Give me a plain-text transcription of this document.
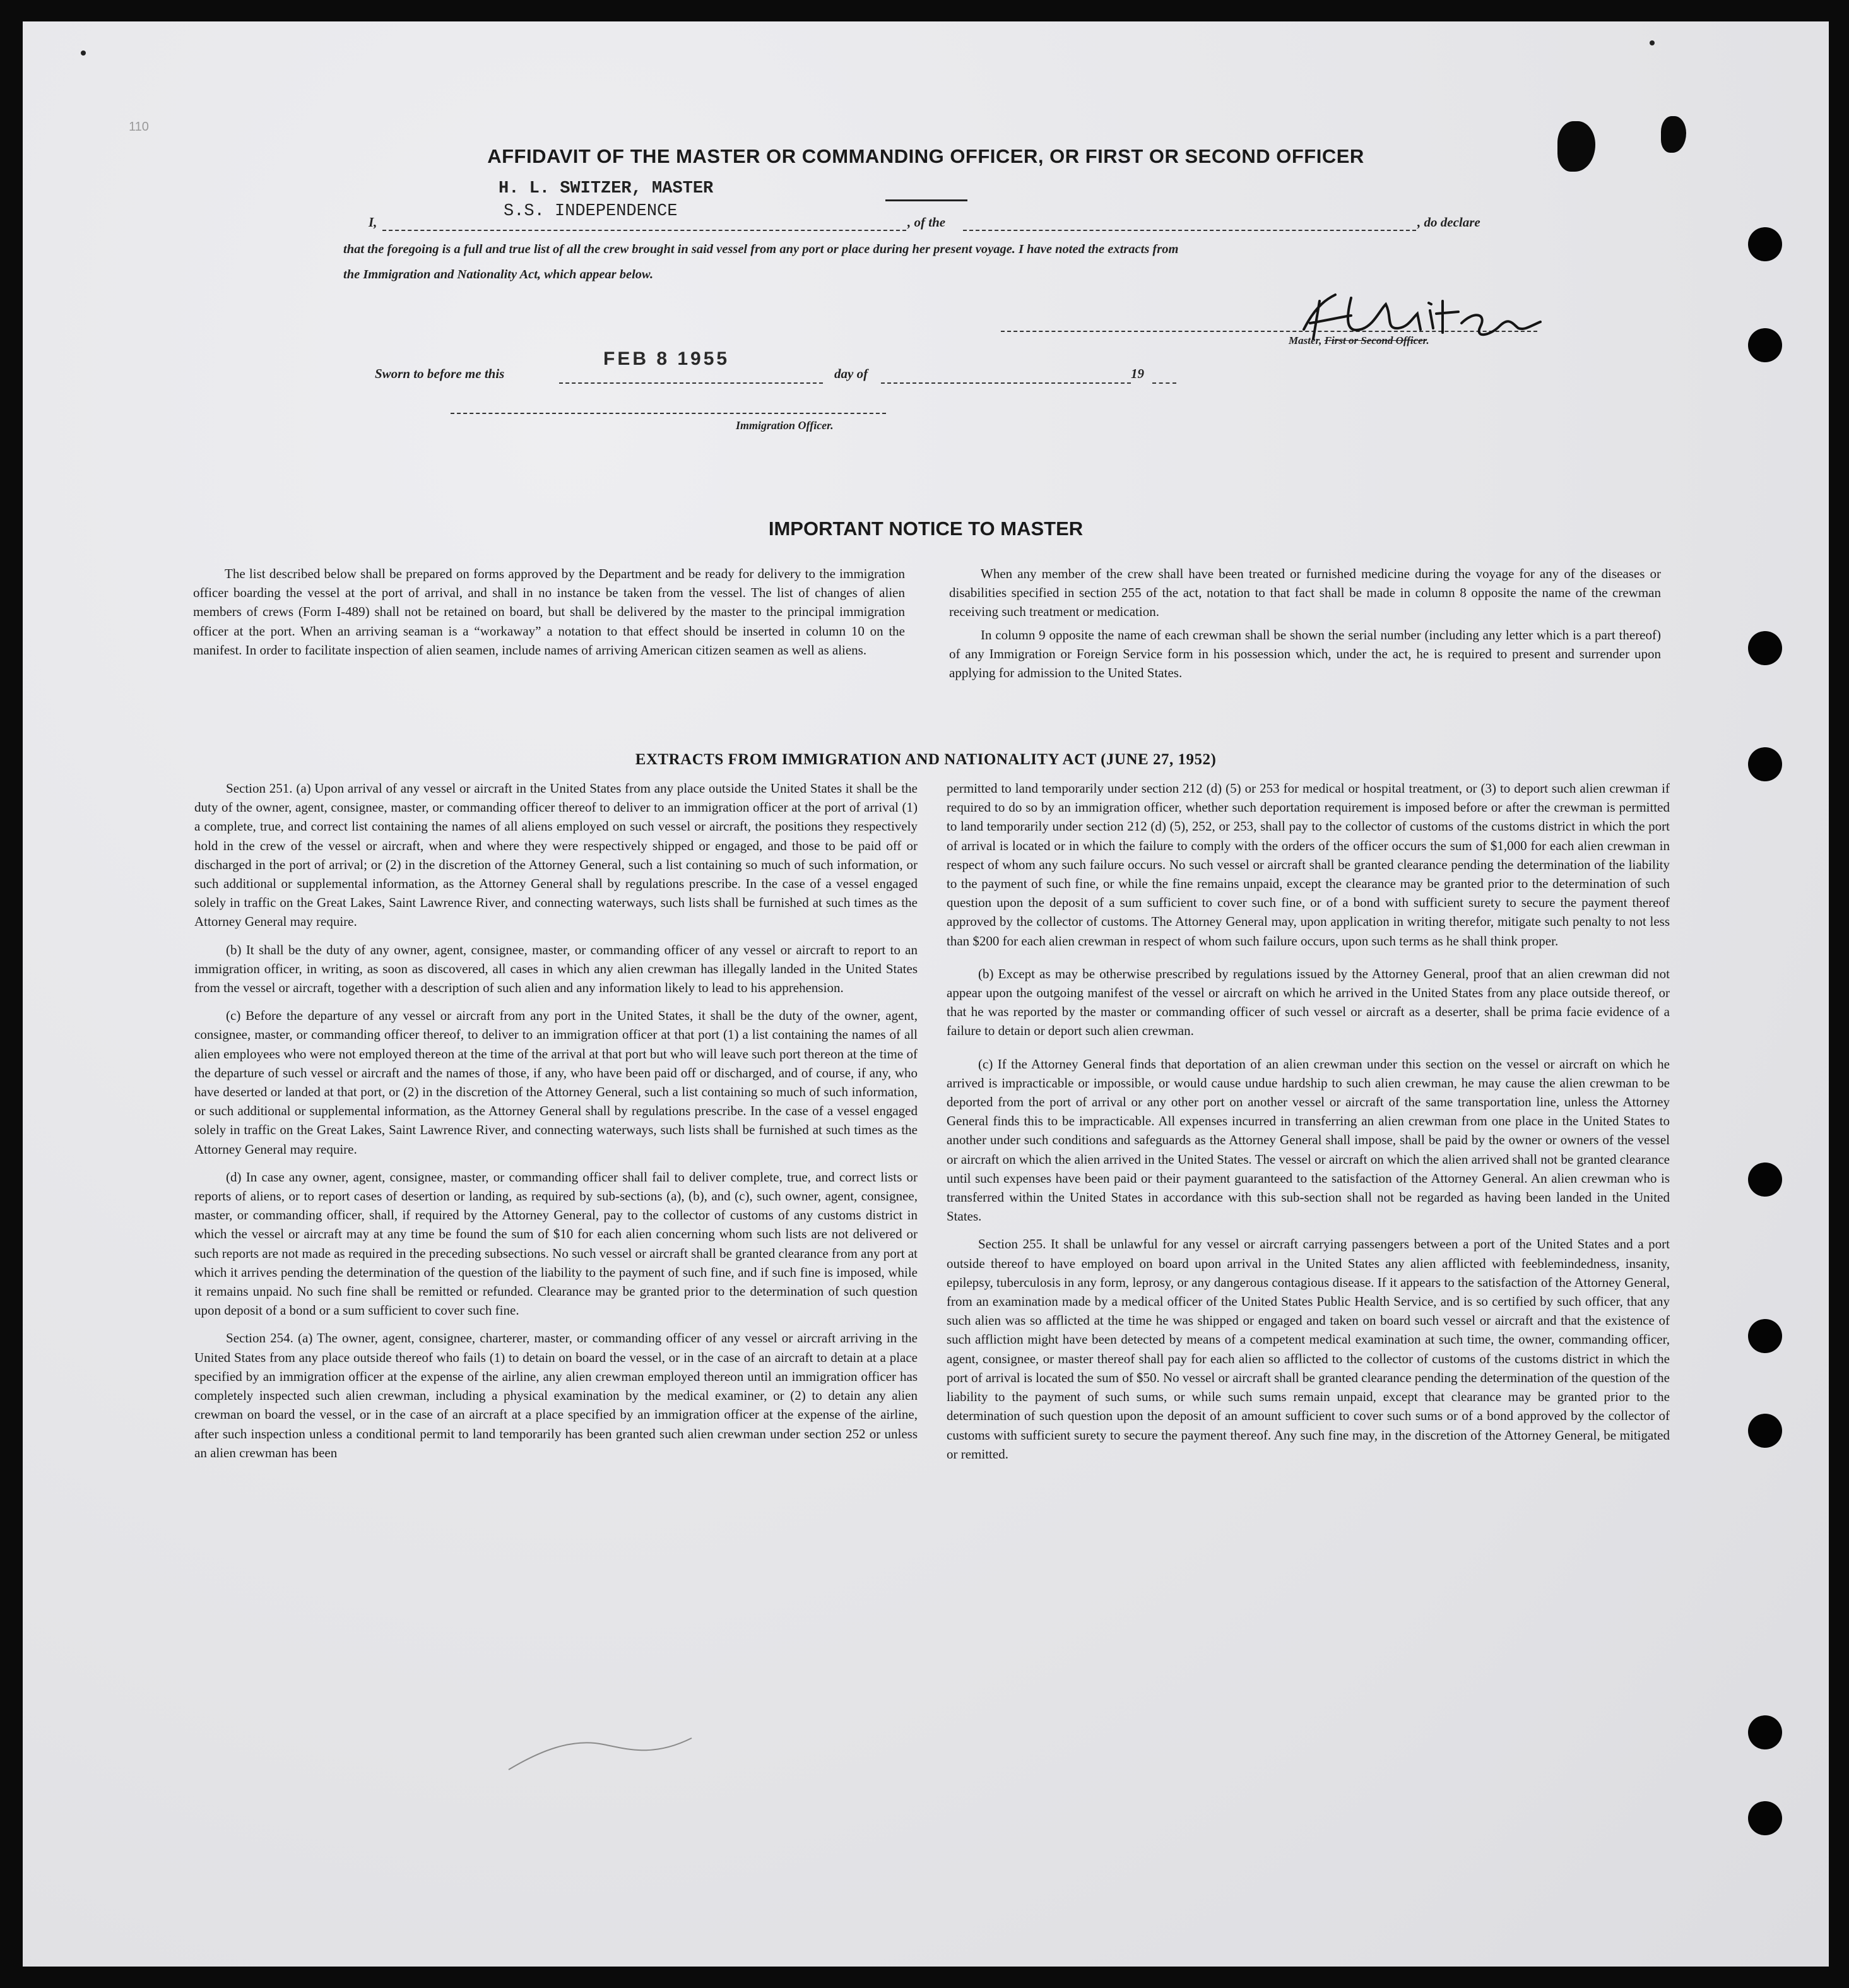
110
AFFIDAVIT OF THE MASTER OR COMMANDING OFFICER, OR FIRST OR SECOND OFFICER
H. L. SWITZER, MASTER
S.S. INDEPENDENCE
I,	, of the	, do declare
that the foregoing is a full and true list of all the crew brought in said vessel from any port or place during her present voyage. I have noted the extracts from
the Immigration and Nationality Act, which appear below.
Master, First or Second Officer.
Sworn to before me this
FEB 8 1955
day of	19
Immigration Officer.
IMPORTANT NOTICE TO MASTER

The list described below shall be prepared on forms approved by the Department and be ready for delivery to the immigration officer boarding the vessel at the port of arrival, and shall in no instance be taken from the vessel. The list of changes of alien members of crews (Form I-489) shall not be retained on board, but shall be delivered by the master to the principal immigration officer at the port. When an arriving seaman is a “workaway” a notation to that effect should be inserted in column 10 on the manifest. In order to facilitate inspection of alien seamen, include names of arriving American citizen seamen as well as aliens.

When any member of the crew shall have been treated or furnished medicine during the voyage for any of the diseases or disabilities specified in section 255 of the act, notation to that fact shall be made in column 8 opposite the name of the crewman receiving such treatment or medication.

In column 9 opposite the name of each crewman shall be shown the serial number (including any letter which is a part thereof) of any Immigration or Foreign Service form in his possession which, under the act, he is required to present and surrender upon applying for admission to the United States.

EXTRACTS FROM IMMIGRATION AND NATIONALITY ACT (JUNE 27, 1952)

Section 251. (a) Upon arrival of any vessel or aircraft in the United States from any place outside the United States it shall be the duty of the owner, agent, consignee, master, or commanding officer thereof to deliver to an immigration officer at the port of arrival (1) a complete, true, and correct list containing the names of all aliens employed on such vessel or aircraft, the positions they respectively hold in the crew of the vessel or aircraft, when and where they were respectively shipped or engaged, and those to be paid off or discharged in the port of arrival; or (2) in the discretion of the Attorney General, such a list containing so much of such information, or such additional or supplemental information, as the Attorney General shall by regulations prescribe. In the case of a vessel engaged solely in traffic on the Great Lakes, Saint Lawrence River, and connecting waterways, such lists shall be furnished at such times as the Attorney General may require.

(b) It shall be the duty of any owner, agent, consignee, master, or commanding officer of any vessel or aircraft to report to an immigration officer, in writing, as soon as discovered, all cases in which any alien crewman has illegally landed in the United States from the vessel or aircraft, together with a description of such alien and any information likely to lead to his apprehension.

(c) Before the departure of any vessel or aircraft from any port in the United States, it shall be the duty of the owner, agent, consignee, master, or commanding officer thereof, to deliver to an immigration officer at that port (1) a list containing the names of all alien employees who were not employed thereon at the time of the arrival at that port but who will leave such port thereon at the time of the departure of such vessel or aircraft and the names of those, if any, who have been paid off or discharged, and of course, if any, who have deserted or landed at that port, or (2) in the discretion of the Attorney General, such a list containing so much of such information, or such additional or supplemental information, as the Attorney General shall by regulations prescribe. In the case of a vessel engaged solely in traffic on the Great Lakes, Saint Lawrence River, and connecting waterways, such lists shall be furnished at such times as the Attorney General may require.

(d) In case any owner, agent, consignee, master, or commanding officer shall fail to deliver complete, true, and correct lists or reports of aliens, or to report cases of desertion or landing, as required by sub-sections (a), (b), and (c), such owner, agent, consignee, master, or commanding officer, shall, if required by the Attorney General, pay to the collector of customs of any customs district in which the vessel or aircraft may at any time be found the sum of $10 for each alien concerning whom such lists are not delivered or such reports are not made as required in the preceding subsections. No such vessel or aircraft shall be granted clearance from any port at which it arrives pending the determination of the question of the liability to the payment of such fine, and if such fine is imposed, while it remains unpaid. No such fine shall be remitted or refunded. Clearance may be granted prior to the determination of such question upon deposit of a bond or a sum sufficient to cover such fine.

Section 254. (a) The owner, agent, consignee, charterer, master, or commanding officer of any vessel or aircraft arriving in the United States from any place outside thereof who fails (1) to detain on board the vessel, or in the case of an aircraft to detain at a place specified by an immigration officer at the expense of the airline, any alien crewman employed thereon until an immigration officer has completely inspected such alien crewman, including a physical examination by the medical examiner, or (2) to detain any alien crewman on board the vessel, or in the case of an aircraft at a place specified by an immigration officer at the expense of the airline, after such inspection unless a conditional permit to land temporarily has been granted such alien crewman under section 252 or unless an alien crewman has been

permitted to land temporarily under section 212 (d) (5) or 253 for medical or hospital treatment, or (3) to deport such alien crewman if required to do so by an immigration officer, whether such deportation requirement is imposed before or after the crewman is permitted to land temporarily under section 212 (d) (5), 252, or 253, shall pay to the collector of customs of the customs district in which the port of arrival is located or in which the failure to comply with the orders of the officer occurs the sum of $1,000 for each alien crewman in respect of whom any such failure occurs. No such vessel or aircraft shall be granted clearance pending the determination of the liability to the payment of such fine, or while the fine remains unpaid, except the clearance may be granted prior to the determination of such question upon the deposit of a sum sufficient to cover such fine, or of a bond with sufficient surety to secure the payment thereof approved by the collector of customs. The Attorney General may, upon application in writing therefor, mitigate such penalty to not less than $200 for each alien crewman in respect of whom such failure occurs, upon such terms as he shall think proper.

(b) Except as may be otherwise prescribed by regulations issued by the Attorney General, proof that an alien crewman did not appear upon the outgoing manifest of the vessel or aircraft on which he arrived in the United States from any place outside thereof, or that he was reported by the master or commanding officer of such vessel or aircraft as a deserter, shall be prima facie evidence of a failure to detain or deport such alien crewman.

(c) If the Attorney General finds that deportation of an alien crewman under this section on the vessel or aircraft on which he arrived is impracticable or impossible, or would cause undue hardship to such alien crewman, he may cause the alien crewman to be deported from the port of arrival or any other port on another vessel or aircraft of the same transportation line, unless the Attorney General finds this to be impracticable. All expenses incurred in transferring an alien crewman from one place in the United States to another under such conditions and safeguards as the Attorney General shall impose, shall be paid by the owner or owners of the vessel or aircraft on which the alien arrived in the United States. The vessel or aircraft on which the alien arrived shall not be granted clearance until such expenses have been paid or their payment guaranteed to the satisfaction of the Attorney General. An alien crewman who is transferred within the United States in accordance with this sub-section shall not be regarded as having been landed in the United States.

Section 255. It shall be unlawful for any vessel or aircraft carrying passengers between a port of the United States and a port outside thereof to have employed on board upon arrival in the United States any alien afflicted with feeblemindedness, insanity, epilepsy, tuberculosis in any form, leprosy, or any dangerous contagious disease. If it appears to the satisfaction of the Attorney General, from an examination made by a medical officer of the United States Public Health Service, and is so certified by such officer, that any such alien was so afflicted at the time he was shipped or engaged and taken on board such vessel or aircraft and that the existence of such affliction might have been detected by means of a competent medical examination at such time, the owner, commanding officer, agent, consignee, or master thereof shall pay for each alien so afflicted to the collector of customs of the customs district in which the port of arrival is located the sum of $50. No vessel or aircraft shall be granted clearance pending the determination of the question of the liability to the payment of such sums, or while such sums remain unpaid, except that clearance may be granted prior to the determination of such question upon the deposit of an amount sufficient to cover such sums or of a bond approved by the collector of customs with sufficient surety to secure the payment thereof. Any such fine may, in the discretion of the Attorney General, be mitigated or remitted.
